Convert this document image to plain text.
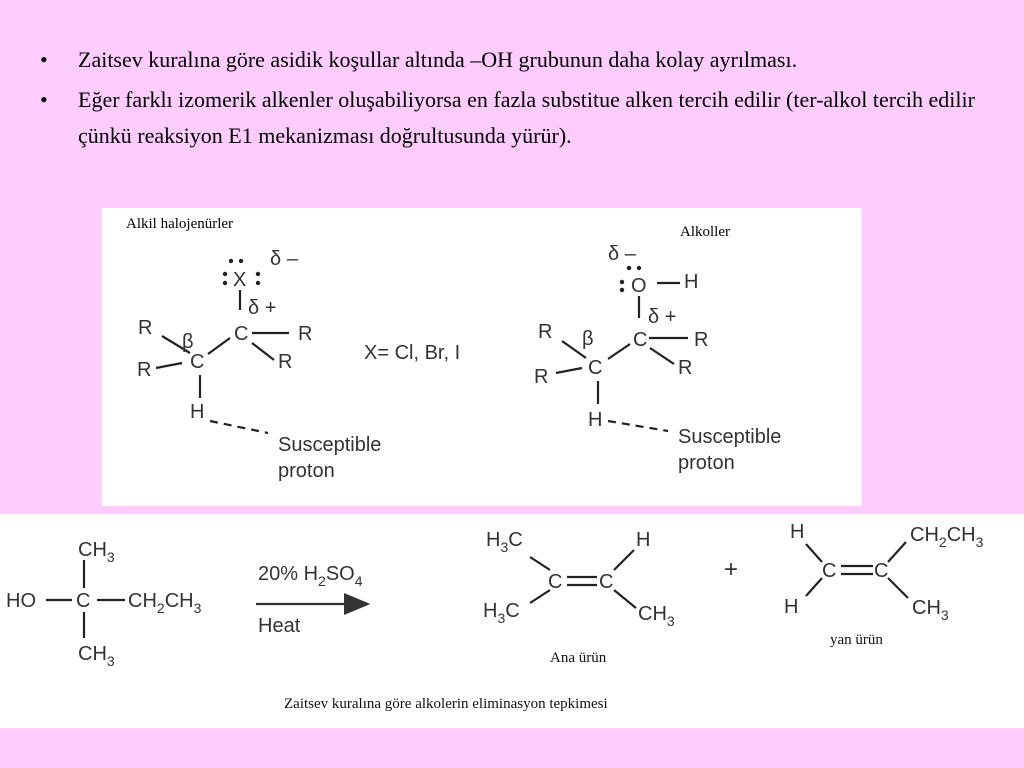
• Zaitsev kuralına göre asidik koşullar altında –OH grubunun daha kolay ayrılması.
• Eğer farklı izomerik alkenler oluşabiliyorsa en fazla substitue alken tercih edilir (ter-alkol tercih edilir çünkü reaksiyon E1 mekanizması doğrultusunda yürür).
Alkil halojenürler	Alkoller
δ –
X
δ +
C R
R
β
C
R	R
H
Susceptible
proton
X= Cl, Br, I
δ –
O H
δ +
C R
R β
C
R	R
H
Susceptible
proton
$CH_3$
HO C $CH_2CH_3$
$CH_3$
20% $H_2SO_4$
Heat
$H_3C$
C C
H
$H_3C$	$CH_3$
+
H
C C
H
$CH_2CH_3$
$CH_3$
Ana ürün
yan ürün
Zaitsev kuralına göre alkolerin eliminasyon tepkimesi
